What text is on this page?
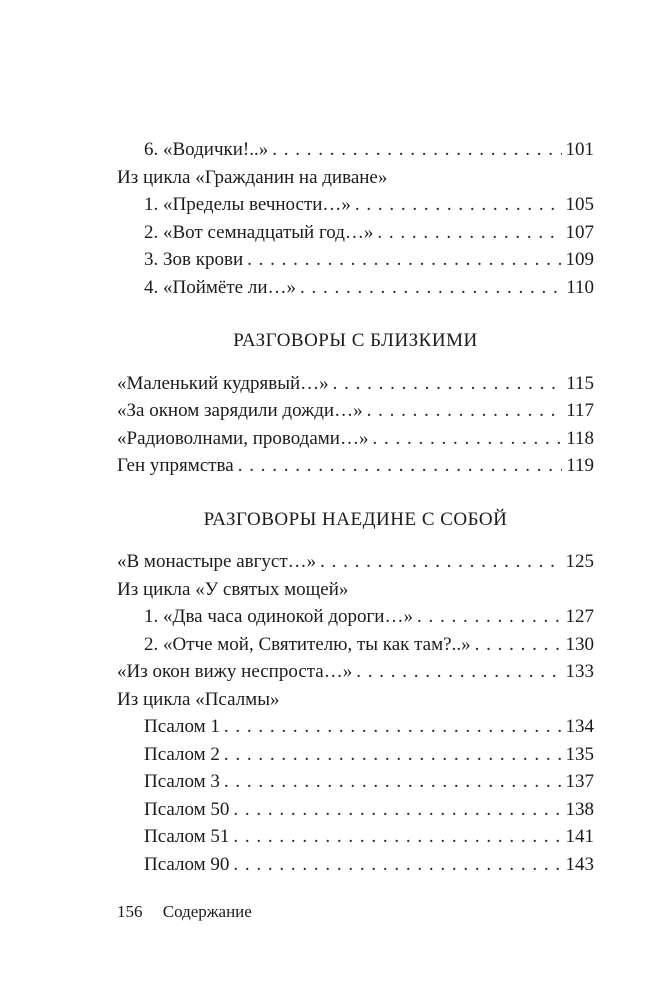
6. «Водички!..» . . .	101
Из цикла «Гражданин на диване»
1. «Пределы вечности…» . . .	105
2. «Вот семнадцатый год…» . . .	107
3. Зов крови . . .	109
4. «Поймёте ли…» . . .	110
РАЗГОВОРЫ С БЛИЗКИМИ
«Маленький кудрявый…» . . .	115
«За окном зарядили дожди…» . . .	117
«Радиоволнами, проводами…» . . .	118
Ген упрямства . . .	119
РАЗГОВОРЫ НАЕДИНЕ С СОБОЙ
«В монастыре август…» . . .	125
Из цикла «У святых мощей»
1. «Два часа одинокой дороги…» . . .	127
2. «Отче мой, Святителю, ты как там?..» . . .	130
«Из окон вижу неспроста…» . . .	133
Из цикла «Псалмы»
Псалом 1 . . .	134
Псалом 2 . . .	135
Псалом 3 . . .	137
Псалом 50 . . .	138
Псалом 51 . . .	141
Псалом 90 . . .	143
156 Содержание
